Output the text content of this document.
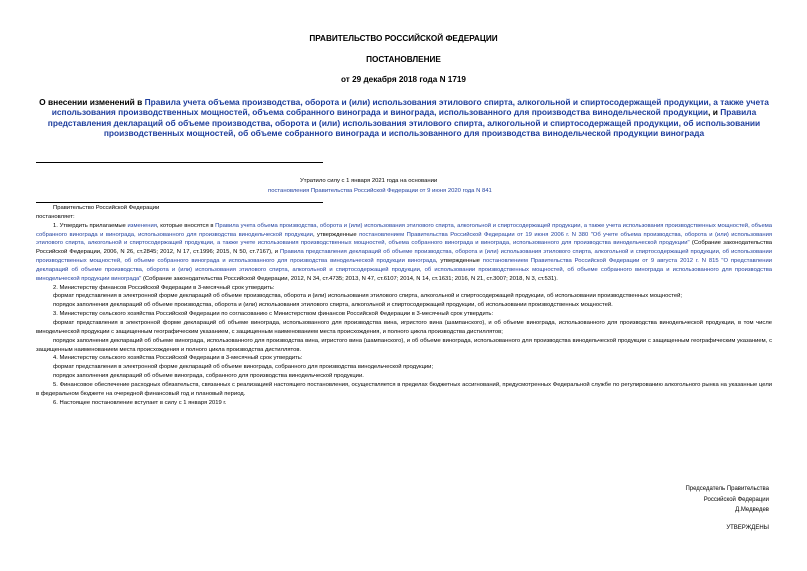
ПРАВИТЕЛЬСТВО РОССИЙСКОЙ ФЕДЕРАЦИИ
ПОСТАНОВЛЕНИЕ
от 29 декабря 2018 года N 1719
О внесении изменений в Правила учета объема производства, оборота и (или) использования этилового спирта, алкогольной и спиртосодержащей продукции, а также учета использования производственных мощностей, объема собранного винограда и винограда, использованного для производства винодельческой продукции, и Правила представления деклараций об объеме производства, оборота и (или) использования этилового спирта, алкогольной и спиртосодержащей продукции, об использовании производственных мощностей, об объеме собранного винограда и использованного для производства винодельческой продукции винограда
Утратило силу с 1 января 2021 года на основании
постановления Правительства Российской Федерации от 9 июня 2020 года N 841

Правительство Российской Федерации

постановляет:

1. Утвердить прилагаемые изменения, которые вносятся в Правила учета объема производства, оборота и (или) использования этилового спирта, алкогольной и спиртосодержащей продукции, а также учета использования производственных мощностей, объема собранного винограда и винограда, использованного для производства винодельческой продукции, утвержденные постановлением Правительства Российской Федерации от 19 июня 2006 г. N 380 "Об учете объема производства, оборота и (или) использования этилового спирта, алкогольной и спиртосодержащей продукции, а также учете использования производственных мощностей, объема собранного винограда и винограда, использованного для производства винодельческой продукции" (Собрание законодательства Российской Федерации, 2006, N 26, ст.2845; 2012, N 17, ст.1996; 2015, N 50, ст.7167), и Правила представления деклараций об объеме производства, оборота и (или) использования этилового спирта, алкогольной и спиртосодержащей продукции, об использовании производственных мощностей, об объеме собранного винограда и использованного для производства винодельческой продукции винограда, утвержденные постановлением Правительства Российской Федерации от 9 августа 2012 г. N 815 "О представлении деклараций об объеме производства, оборота и (или) использования этилового спирта, алкогольной и спиртосодержащей продукции, об использовании производственных мощностей, об объеме собранного винограда и использованного для производства винодельческой продукции винограда" (Собрание законодательства Российской Федерации, 2012, N 34, ст.4735; 2013, N 47, ст.6107; 2014, N 14, ст.1631; 2016, N 21, ст.3007; 2018, N 3, ст.531).

2. Министерству финансов Российской Федерации в 3-месячный срок утвердить:

формат представления в электронной форме деклараций об объеме производства, оборота и (или) использования этилового спирта, алкогольной и спиртосодержащей продукции, об использовании производственных мощностей;

порядок заполнения деклараций об объеме производства, оборота и (или) использования этилового спирта, алкогольной и спиртосодержащей продукции, об использовании производственных мощностей.

3. Министерству сельского хозяйства Российской Федерации по согласованию с Министерством финансов Российской Федерации в 3-месячный срок утвердить:

формат представления в электронной форме деклараций об объеме винограда, использованного для производства вина, игристого вина (шампанского), и об объеме винограда, использованного для производства винодельческой продукции, в том числе винодельческой продукции с защищенным географическим указанием, с защищенным наименованием места происхождения, и полного цикла производства дистиллятов;

порядок заполнения деклараций об объеме винограда, использованного для производства вина, игристого вина (шампанского), и об объеме винограда, использованного для производства винодельческой продукции с защищенным географическим указанием, с защищенным наименованием места происхождения и полного цикла производства дистиллятов.

4. Министерству сельского хозяйства Российской Федерации в 3-месячный срок утвердить:

формат представления в электронной форме деклараций об объеме винограда, собранного для производства винодельческой продукции;

порядок заполнения деклараций об объеме винограда, собранного для производства винодельческой продукции.

5. Финансовое обеспечение расходных обязательств, связанных с реализацией настоящего постановления, осуществляется в пределах бюджетных ассигнований, предусмотренных Федеральной службе по регулированию алкогольного рынка на указанные цели в федеральном бюджете на очередной финансовый год и плановый период.

6. Настоящее постановление вступает в силу с 1 января 2019 г.

Председатель Правительства
Российской Федерации
Д.Медведев
УТВЕРЖДЕНЫ
